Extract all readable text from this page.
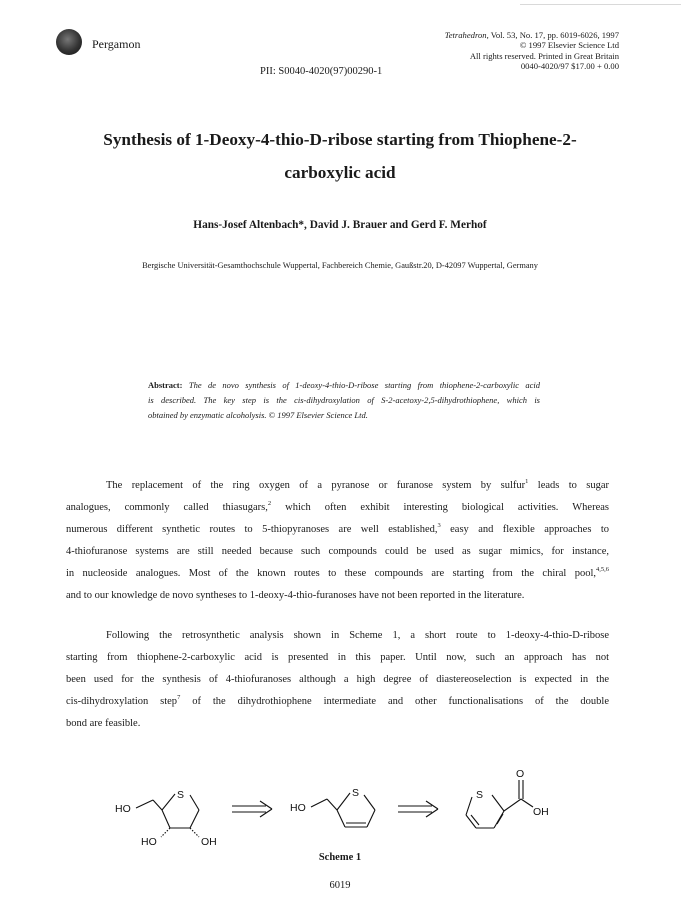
Pergamon
Tetrahedron, Vol. 53, No. 17, pp. 6019-6026, 1997
© 1997 Elsevier Science Ltd
All rights reserved. Printed in Great Britain
0040-4020/97 $17.00 + 0.00
PII: S0040-4020(97)00290-1
Synthesis of 1-Deoxy-4-thio-D-ribose starting from Thiophene-2-
carboxylic acid
Hans-Josef Altenbach*, David J. Brauer and Gerd F. Merhof
Bergische Universität-Gesamthochschule Wuppertal, Fachbereich Chemie, Gaußstr.20, D-42097 Wuppertal, Germany
Abstract: The de novo synthesis of 1-deoxy-4-thio-D-ribose starting from thiophene-2-carboxylic acid
is described. The key step is the cis-dihydroxylation of S-2-acetoxy-2,5-dihydrothiophene, which is
obtained by enzymatic alcoholysis. © 1997 Elsevier Science Ltd.
The replacement of the ring oxygen of a pyranose or furanose system by sulfur$^1$ leads to sugar
analogues, commonly called thiasugars,$^2$ which often exhibit interesting biological activities. Whereas
numerous different synthetic routes to 5-thiopyranoses are well established,$^3$ easy and flexible approaches to
4-thiofuranose systems are still needed because such compounds could be used as sugar mimics, for instance,
in nucleoside analogues. Most of the known routes to these compounds are starting from the chiral pool,$^{4,5,6}$
and to our knowledge de novo syntheses to 1-deoxy-4-thio-furanoses have not been reported in the literature.
Following the retrosynthetic analysis shown in Scheme 1, a short route to 1-deoxy-4-thio-D-ribose
starting from thiophene-2-carboxylic acid is presented in this paper. Until now, such an approach has not
been used for the synthesis of 4-thiofuranoses although a high degree of diastereoselection is expected in the
cis-dihydroxylation step$^7$ of the dihydrothiophene intermediate and other functionalisations of the double
bond are feasible.
HO
S
HO	OH
HO
S	S
O
OH
Scheme 1
6019
